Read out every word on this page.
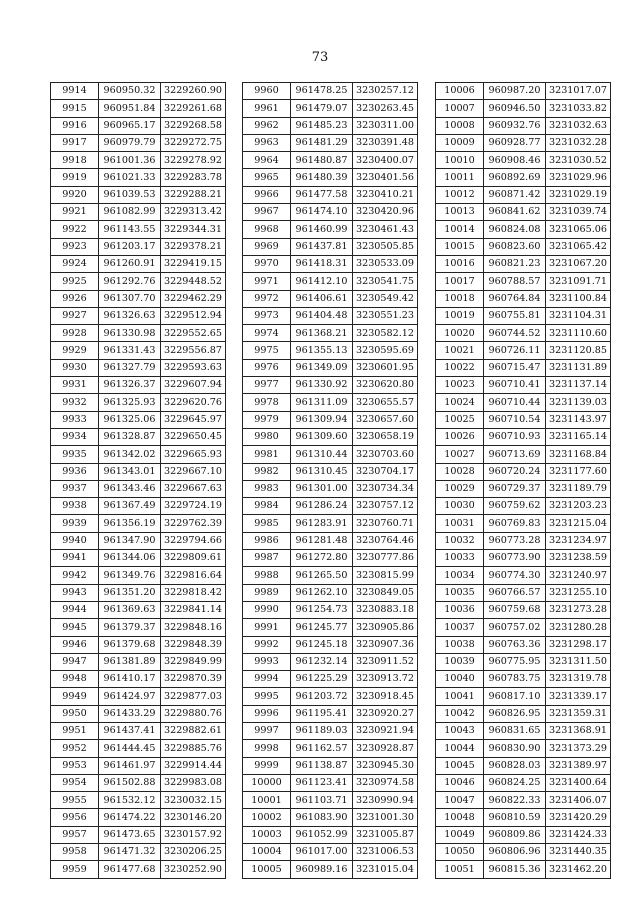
73
9914	960950.32	3229260.90
9915	960951.84	3229261.68
9916	960965.17	3229268.58
9917	960979.79	3229272.75
9918	961001.36	3229278.92
9919	961021.33	3229283.78
9920	961039.53	3229288.21
9921	961082.99	3229313.42
9922	961143.55	3229344.31
9923	961203.17	3229378.21
9924	961260.91	3229419.15
9925	961292.76	3229448.52
9926	961307.70	3229462.29
9927	961326.63	3229512.94
9928	961330.98	3229552.65
9929	961331.43	3229556.87
9930	961327.79	3229593.63
9931	961326.37	3229607.94
9932	961325.93	3229620.76
9933	961325.06	3229645.97
9934	961328.87	3229650.45
9935	961342.02	3229665.93
9936	961343.01	3229667.10
9937	961343.46	3229667.63
9938	961367.49	3229724.19
9939	961356.19	3229762.39
9940	961347.90	3229794.66
9941	961344.06	3229809.61
9942	961349.76	3229816.64
9943	961351.20	3229818.42
9944	961369.63	3229841.14
9945	961379.37	3229848.16
9946	961379.68	3229848.39
9947	961381.89	3229849.99
9948	961410.17	3229870.39
9949	961424.97	3229877.03
9950	961433.29	3229880.76
9951	961437.41	3229882.61
9952	961444.45	3229885.76
9953	961461.97	3229914.44
9954	961502.88	3229983.08
9955	961532.12	3230032.15
9956	961474.22	3230146.20
9957	961473.65	3230157.92
9958	961471.32	3230206.25
9959	961477.68	3230252.90
9960	961478.25	3230257.12
9961	961479.07	3230263.45
9962	961485.23	3230311.00
9963	961481.29	3230391.48
9964	961480.87	3230400.07
9965	961480.39	3230401.56
9966	961477.58	3230410.21
9967	961474.10	3230420.96
9968	961460.99	3230461.43
9969	961437.81	3230505.85
9970	961418.31	3230533.09
9971	961412.10	3230541.75
9972	961406.61	3230549.42
9973	961404.48	3230551.23
9974	961368.21	3230582.12
9975	961355.13	3230595.69
9976	961349.09	3230601.95
9977	961330.92	3230620.80
9978	961311.09	3230655.57
9979	961309.94	3230657.60
9980	961309.60	3230658.19
9981	961310.44	3230703.60
9982	961310.45	3230704.17
9983	961301.00	3230734.34
9984	961286.24	3230757.12
9985	961283.91	3230760.71
9986	961281.48	3230764.46
9987	961272.80	3230777.86
9988	961265.50	3230815.99
9989	961262.10	3230849.05
9990	961254.73	3230883.18
9991	961245.77	3230905.86
9992	961245.18	3230907.36
9993	961232.14	3230911.52
9994	961225.29	3230913.72
9995	961203.72	3230918.45
9996	961195.41	3230920.27
9997	961189.03	3230921.94
9998	961162.57	3230928.87
9999	961138.87	3230945.30
10000	961123.41	3230974.58
10001	961103.71	3230990.94
10002	961083.90	3231001.30
10003	961052.99	3231005.87
10004	961017.00	3231006.53
10005	960989.16	3231015.04
10006	960987.20	3231017.07
10007	960946.50	3231033.82
10008	960932.76	3231032.63
10009	960928.77	3231032.28
10010	960908.46	3231030.52
10011	960892.69	3231029.96
10012	960871.42	3231029.19
10013	960841.62	3231039.74
10014	960824.08	3231065.06
10015	960823.60	3231065.42
10016	960821.23	3231067.20
10017	960788.57	3231091.71
10018	960764.84	3231100.84
10019	960755.81	3231104.31
10020	960744.52	3231110.60
10021	960726.11	3231120.85
10022	960715.47	3231131.89
10023	960710.41	3231137.14
10024	960710.44	3231139.03
10025	960710.54	3231143.97
10026	960710.93	3231165.14
10027	960713.69	3231168.84
10028	960720.24	3231177.60
10029	960729.37	3231189.79
10030	960759.62	3231203.23
10031	960769.83	3231215.04
10032	960773.28	3231234.97
10033	960773.90	3231238.59
10034	960774.30	3231240.97
10035	960766.57	3231255.10
10036	960759.68	3231273.28
10037	960757.02	3231280.28
10038	960763.36	3231298.17
10039	960775.95	3231311.50
10040	960783.75	3231319.78
10041	960817.10	3231339.17
10042	960826.95	3231359.31
10043	960831.65	3231368.91
10044	960830.90	3231373.29
10045	960828.03	3231389.97
10046	960824.25	3231400.64
10047	960822.33	3231406.07
10048	960810.59	3231420.29
10049	960809.86	3231424.33
10050	960806.96	3231440.35
10051	960815.36	3231462.20
